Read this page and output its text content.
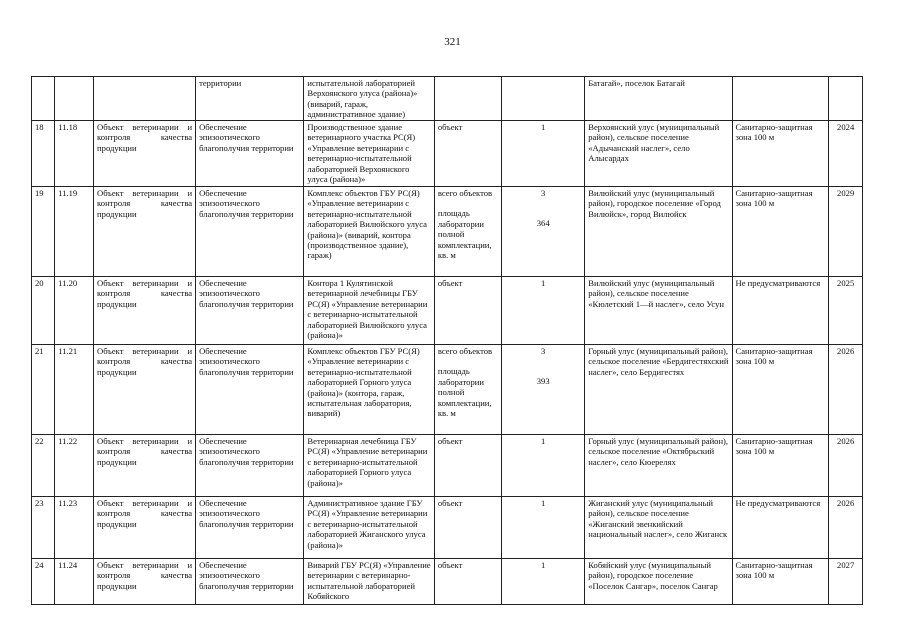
321
			территории	испытательной лабораторией Верхоянского улуса (района)» (виварий, гараж, административное здание)			Батагай», поселок Батагай		
18	11.18	Объект ветеринарии и контроля качества продукции	Обеспечение эпизоотического благополучия территории	Производственное здание ветеринарного участка РС(Я) «Управление ветеринарии с ветеринарно-испытательной лабораторией Верхоянского улуса (района)»	объект	1	Верхоянский улус (муниципальный район), сельское поселение «Адычанский наслег», село Алысардах	Санитарно-защитная зона 100 м	2024
19	11.19	Объект ветеринарии и контроля качества продукции	Обеспечение эпизоотического благополучия территории	Комплекс объектов ГБУ РС(Я) «Управление ветеринарии с ветеринарно-испытательной лабораторией Вилюйского улуса (района)» (виварий, контора (производственное здание), гараж)	всего объектов
площадь лаборатории полной комплектации, кв. м	3
364	Вилюйский улус (муниципальный район), городское поселение «Город Вилюйск», город Вилюйск	Санитарно-защитная зона 100 м	2029
20	11.20	Объект ветеринарии и контроля качества продукции	Обеспечение эпизоотического благополучия территории	Контора 1 Кулятинской ветеринарной лечебницы ГБУ РС(Я) «Управление ветеринарии с ветеринарно-испытательной лабораторией Вилюйского улуса (района)»	объект	1	Вилюйский улус (муниципальный район), сельское поселение «Кюлетский 1—й наслег», село Усун	Не предусматриваются	2025
21	11.21	Объект ветеринарии и контроля качества продукции	Обеспечение эпизоотического благополучия территории	Комплекс объектов ГБУ РС(Я) «Управление ветеринарии с ветеринарно-испытательной лабораторией Горного улуса (района)» (контора, гараж, испытательная лаборатория, виварий)	всего объектов
площадь лаборатории полной комплектации, кв. м	3
393	Горный улус (муниципальный район), сельское поселение «Бердигестяхский наслег», село Бердигестях	Санитарно-защитная зона 100 м	2026
22	11.22	Объект ветеринарии и контроля качества продукции	Обеспечение эпизоотического благополучия территории	Ветеринарная лечебница ГБУ РС(Я) «Управление ветеринарии с ветеринарно-испытательной лабораторией Горного улуса (района)»	объект	1	Горный улус (муниципальный район), сельское поселение «Октябрьский наслег», село Кюерелях	Санитарно-защитная зона 100 м	2026
23	11.23	Объект ветеринарии и контроля качества продукции	Обеспечение эпизоотического благополучия территории	Административное здание ГБУ РС(Я) «Управление ветеринарии с ветеринарно-испытательной лабораторией Жиганского улуса (района)»	объект	1	Жиганский улус (муниципальный район), сельское поселение «Жиганский эвенкийский национальный наслег», село Жиганск	Не предусматриваются	2026
24	11.24	Объект ветеринарии и контроля качества продукции	Обеспечение эпизоотического благополучия территории	Виварий ГБУ РС(Я) «Управление ветеринарии с ветеринарно-испытательной лабораторией Кобяйского	объект	1	Кобяйский улус (муниципальный район), городское поселение «Поселок Сангар», поселок Сангар	Санитарно-защитная зона 100 м	2027
